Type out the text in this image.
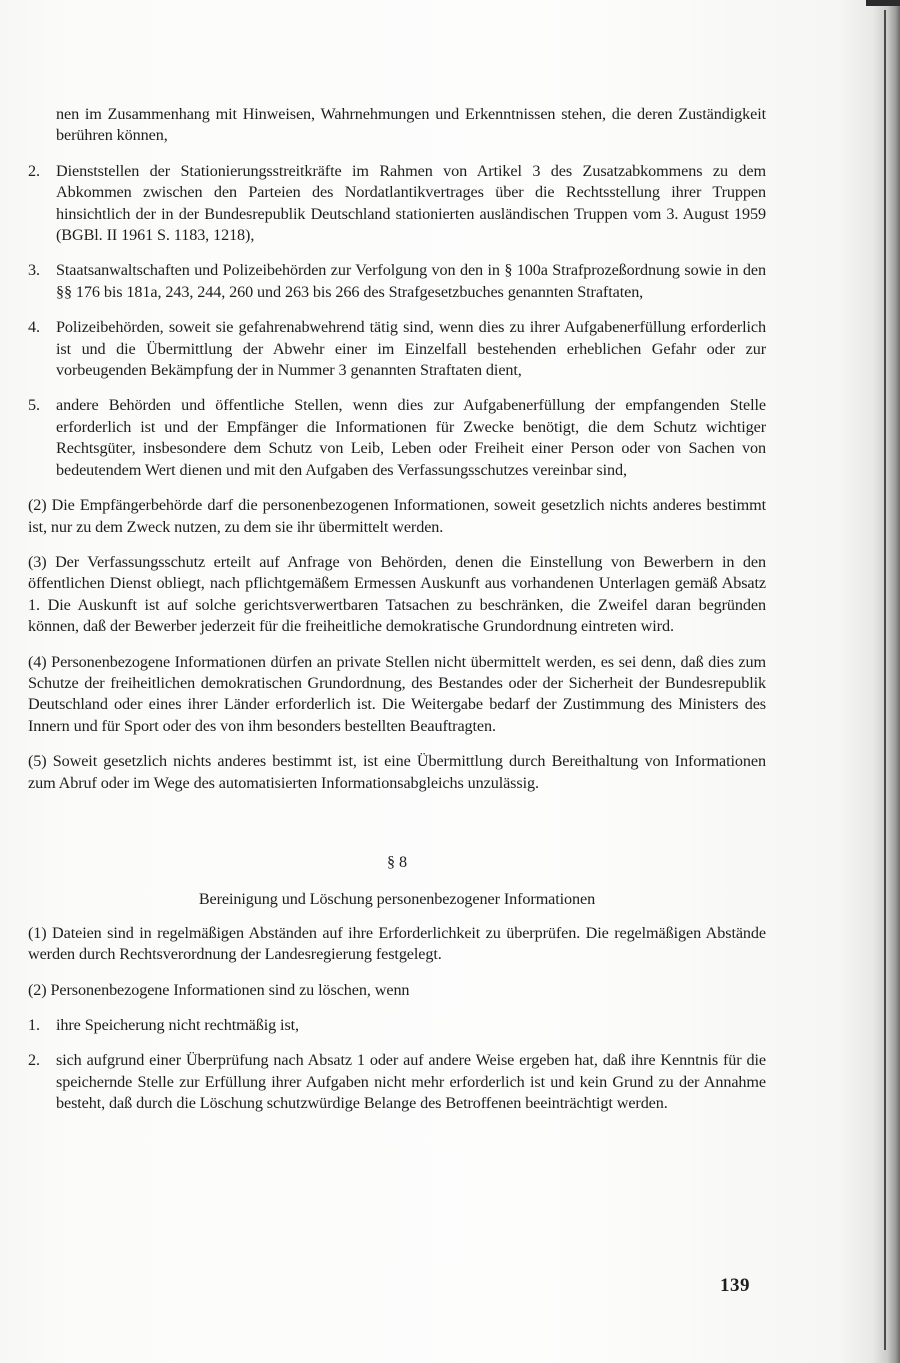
nen im Zusammenhang mit Hinweisen, Wahrnehmungen und Erkenntnissen stehen, die deren Zuständigkeit berühren können,

2. Dienststellen der Stationierungsstreitkräfte im Rahmen von Artikel 3 des Zusatzabkommens zu dem Abkommen zwischen den Parteien des Nordatlantikvertrages über die Rechtsstellung ihrer Truppen hinsichtlich der in der Bundesrepublik Deutschland stationierten ausländischen Truppen vom 3. August 1959 (BGBl. II 1961 S. 1183, 1218),
3. Staatsanwaltschaften und Polizeibehörden zur Verfolgung von den in § 100a Strafprozeßordnung sowie in den §§ 176 bis 181a, 243, 244, 260 und 263 bis 266 des Strafgesetzbuches genannten Straftaten,
4. Polizeibehörden, soweit sie gefahrenabwehrend tätig sind, wenn dies zu ihrer Aufgabenerfüllung erforderlich ist und die Übermittlung der Abwehr einer im Einzelfall bestehenden erheblichen Gefahr oder zur vorbeugenden Bekämpfung der in Nummer 3 genannten Straftaten dient,
5. andere Behörden und öffentliche Stellen, wenn dies zur Aufgabenerfüllung der empfangenden Stelle erforderlich ist und der Empfänger die Informationen für Zwecke benötigt, die dem Schutz wichtiger Rechtsgüter, insbesondere dem Schutz von Leib, Leben oder Freiheit einer Person oder von Sachen von bedeutendem Wert dienen und mit den Aufgaben des Verfassungsschutzes vereinbar sind,

(2) Die Empfängerbehörde darf die personenbezogenen Informationen, soweit gesetzlich nichts anderes bestimmt ist, nur zu dem Zweck nutzen, zu dem sie ihr übermittelt werden.

(3) Der Verfassungsschutz erteilt auf Anfrage von Behörden, denen die Einstellung von Bewerbern in den öffentlichen Dienst obliegt, nach pflichtgemäßem Ermessen Auskunft aus vorhandenen Unterlagen gemäß Absatz 1. Die Auskunft ist auf solche gerichtsverwertbaren Tatsachen zu beschränken, die Zweifel daran begründen können, daß der Bewerber jederzeit für die freiheitliche demokratische Grundordnung eintreten wird.

(4) Personenbezogene Informationen dürfen an private Stellen nicht übermittelt werden, es sei denn, daß dies zum Schutze der freiheitlichen demokratischen Grundordnung, des Bestandes oder der Sicherheit der Bundesrepublik Deutschland oder eines ihrer Länder erforderlich ist. Die Weitergabe bedarf der Zustimmung des Ministers des Innern und für Sport oder des von ihm besonders bestellten Beauftragten.

(5) Soweit gesetzlich nichts anderes bestimmt ist, ist eine Übermittlung durch Bereithaltung von Informationen zum Abruf oder im Wege des automatisierten Informationsabgleichs unzulässig.

§ 8
Bereinigung und Löschung personenbezogener Informationen

(1) Dateien sind in regelmäßigen Abständen auf ihre Erforderlichkeit zu überprüfen. Die regelmäßigen Abstände werden durch Rechtsverordnung der Landesregierung festgelegt.

(2) Personenbezogene Informationen sind zu löschen, wenn

1. ihre Speicherung nicht rechtmäßig ist,
2. sich aufgrund einer Überprüfung nach Absatz 1 oder auf andere Weise ergeben hat, daß ihre Kenntnis für die speichernde Stelle zur Erfüllung ihrer Aufgaben nicht mehr erforderlich ist und kein Grund zu der Annahme besteht, daß durch die Löschung schutzwürdige Belange des Betroffenen beeinträchtigt werden.
139
